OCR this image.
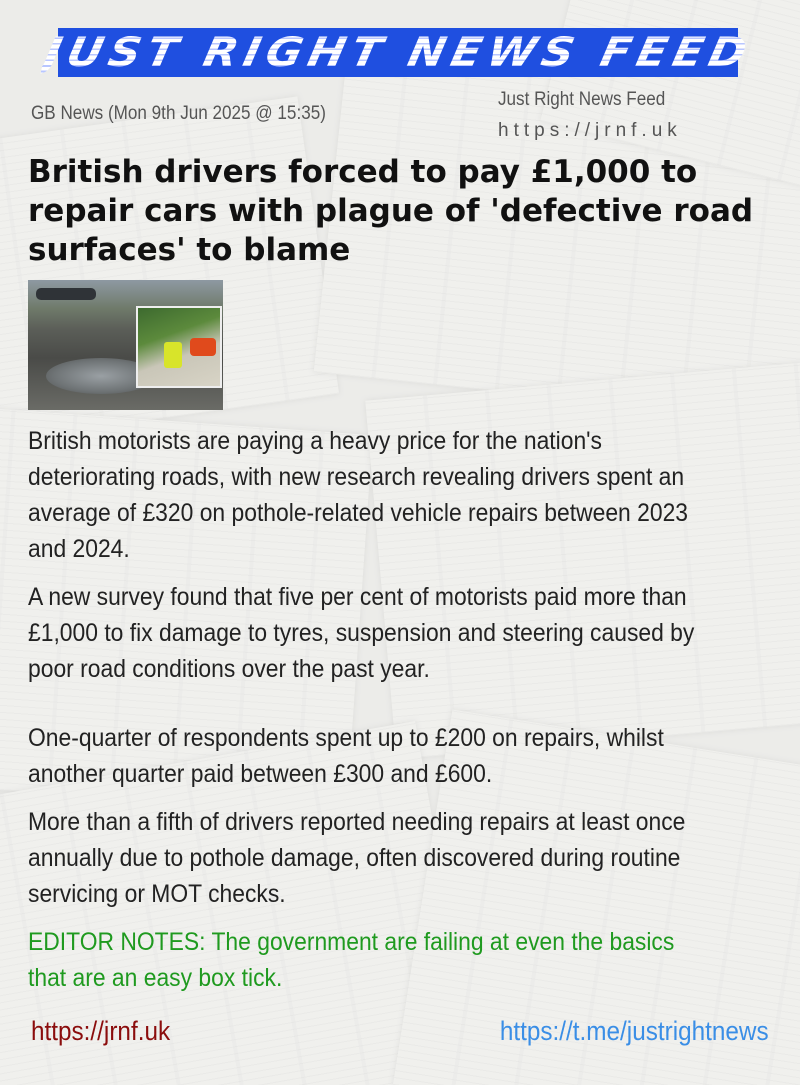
JUST RIGHT NEWS FEED
GB News (Mon 9th Jun 2025 @ 15:35)
Just Right News Feed
https://jrnf.uk
British drivers forced to pay £1,000 to repair cars with plague of 'defective road surfaces' to blame

British motorists are paying a heavy price for the nation's deteriorating roads, with new research revealing drivers spent an average of £320 on pothole-related vehicle repairs between 2023 and 2024.

A new survey found that five per cent of motorists paid more than £1,000 to fix damage to tyres, suspension and steering caused by poor road conditions over the past year.

One-quarter of respondents spent up to £200 on repairs, whilst another quarter paid between £300 and £600.

More than a fifth of drivers reported needing repairs at least once annually due to pothole damage, often discovered during routine servicing or MOT checks.

EDITOR NOTES: The government are failing at even the basics that are an easy box tick.

https://jrnf.uk	https://t.me/justrightnews
